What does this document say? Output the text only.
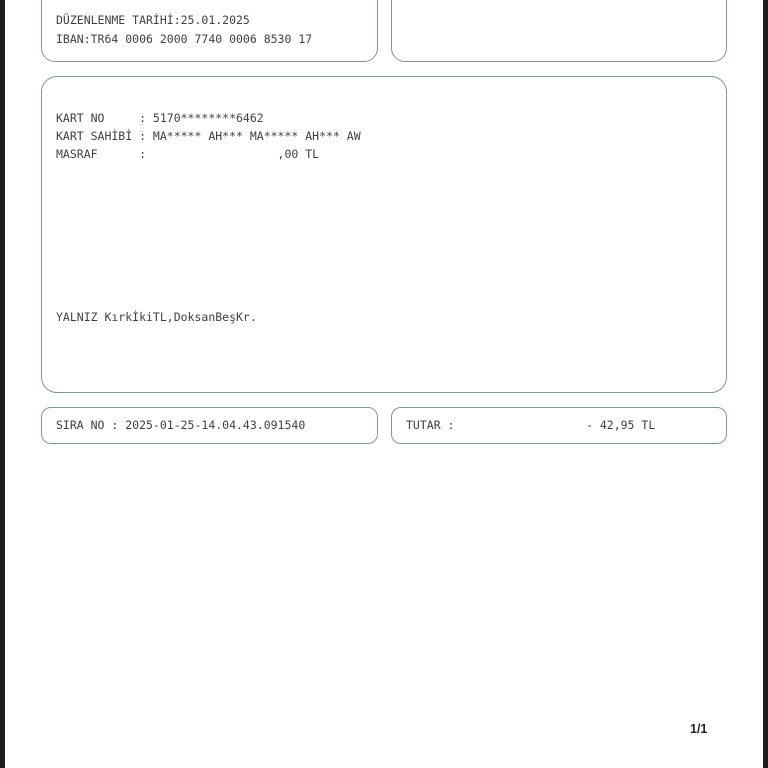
DÜZENLENME TARİHİ:25.01.2025
IBAN:TR64 0006 2000 7740 0006 8530 17
KART NO     : 5170********6462
KART SAHİBİ : MA***** AH*** MA***** AH*** AW
MASRAF      :                   ,00 TL
YALNIZ KırkİkiTL,DoksanBeşKr.
SIRA NO : 2025-01-25-14.04.43.091540	TUTAR :                   - 42,95 TL
1/1
